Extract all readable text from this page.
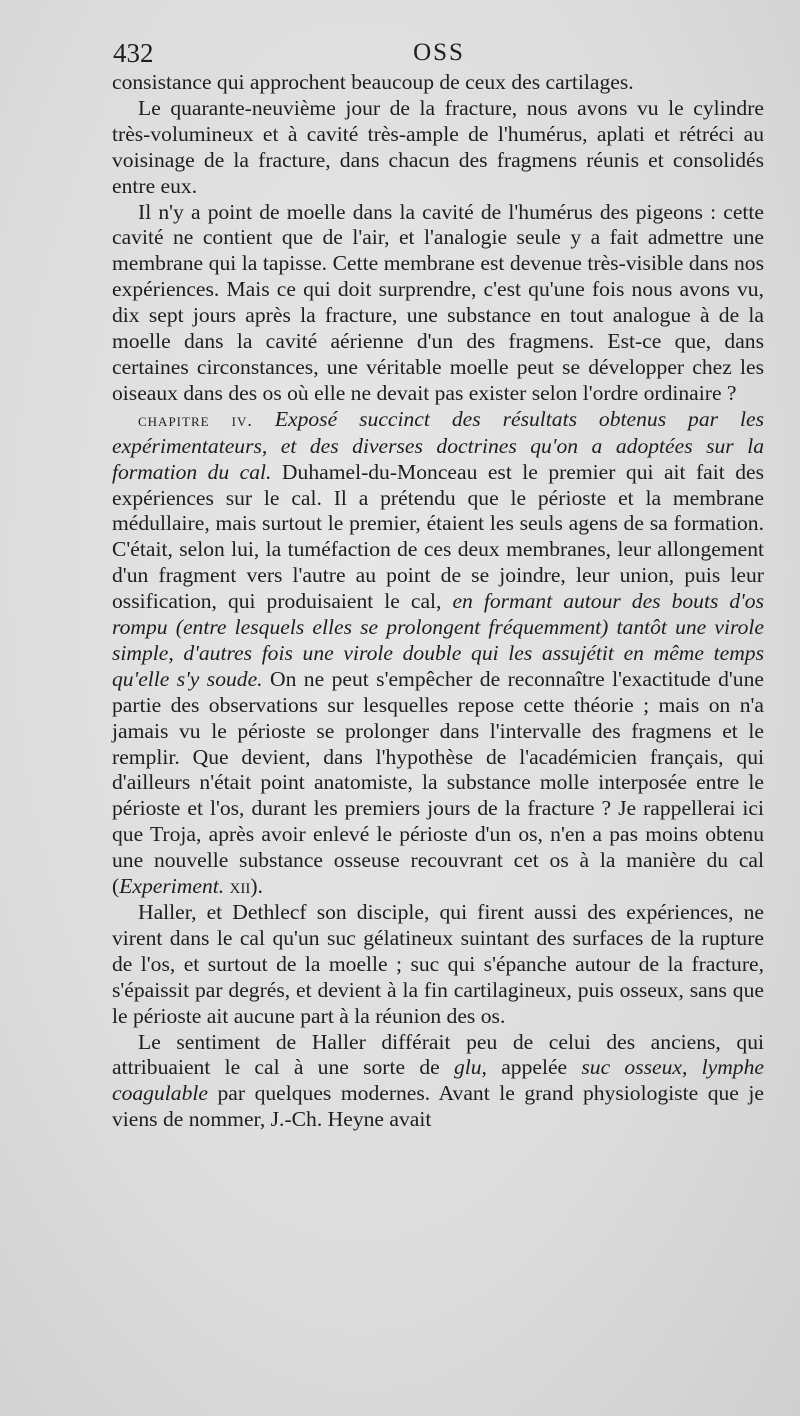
432	OSS

consistance qui approchent beaucoup de ceux des cartilages.

Le quarante-neuvième jour de la fracture, nous avons vu le cylindre très-volumineux et à cavité très-ample de l'humérus, aplati et rétréci au voisinage de la fracture, dans chacun des fragmens réunis et consolidés entre eux.

Il n'y a point de moelle dans la cavité de l'humérus des pigeons : cette cavité ne contient que de l'air, et l'analogie seule y a fait admettre une membrane qui la tapisse. Cette membrane est devenue très-visible dans nos expériences. Mais ce qui doit surprendre, c'est qu'une fois nous avons vu, dix sept jours après la fracture, une substance en tout analogue à de la moelle dans la cavité aérienne d'un des fragmens. Est-ce que, dans certaines circonstances, une véritable moelle peut se développer chez les oiseaux dans des os où elle ne devait pas exister selon l'ordre ordinaire ?

chapitre iv. Exposé succinct des résultats obtenus par les expérimentateurs, et des diverses doctrines qu'on a adoptées sur la formation du cal. Duhamel-du-Monceau est le premier qui ait fait des expériences sur le cal. Il a prétendu que le périoste et la membrane médullaire, mais surtout le premier, étaient les seuls agens de sa formation. C'était, selon lui, la tuméfaction de ces deux membranes, leur allongement d'un fragment vers l'autre au point de se joindre, leur union, puis leur ossification, qui produisaient le cal, en formant autour des bouts d'os rompu (entre lesquels elles se prolongent fréquemment) tantôt une virole simple, d'autres fois une virole double qui les assujétit en même temps qu'elle s'y soude. On ne peut s'empêcher de reconnaître l'exactitude d'une partie des observations sur lesquelles repose cette théorie ; mais on n'a jamais vu le périoste se prolonger dans l'intervalle des fragmens et le remplir. Que devient, dans l'hypothèse de l'académicien français, qui d'ailleurs n'était point anatomiste, la substance molle interposée entre le périoste et l'os, durant les premiers jours de la fracture ? Je rappellerai ici que Troja, après avoir enlevé le périoste d'un os, n'en a pas moins obtenu une nouvelle substance osseuse recouvrant cet os à la manière du cal (Experiment. xii).

Haller, et Dethlecf son disciple, qui firent aussi des expériences, ne virent dans le cal qu'un suc gélatineux suintant des surfaces de la rupture de l'os, et surtout de la moelle ; suc qui s'épanche autour de la fracture, s'épaissit par degrés, et devient à la fin cartilagineux, puis osseux, sans que le périoste ait aucune part à la réunion des os.

Le sentiment de Haller différait peu de celui des anciens, qui attribuaient le cal à une sorte de glu, appelée suc osseux, lymphe coagulable par quelques modernes. Avant le grand physiologiste que je viens de nommer, J.-Ch. Heyne avait
